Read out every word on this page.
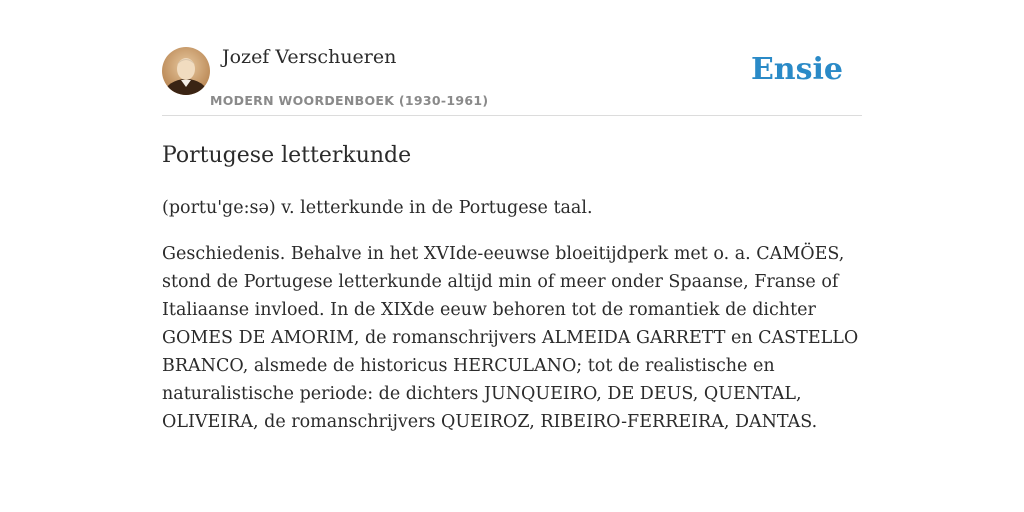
Jozef Verschueren
MODERN WOORDENBOEK (1930-1961)
Ensie
Portugese letterkunde

(portu'ge:sə) v. letterkunde in de Portugese taal.

Geschiedenis. Behalve in het XVIde-eeuwse bloeitijdperk met o. a. CAMÖES, stond de Portugese letterkunde altijd min of meer onder Spaanse, Franse of Italiaanse invloed. In de XIXde eeuw behoren tot de romantiek de dichter GOMES DE AMORIM, de romanschrijvers ALMEIDA GARRETT en CASTELLO BRANCO, alsmede de historicus HERCULANO; tot de realistische en naturalistische periode: de dichters JUNQUEIRO, DE DEUS, QUENTAL, OLIVEIRA, de romanschrijvers QUEIROZ, RIBEIRO-FERREIRA, DANTAS.
